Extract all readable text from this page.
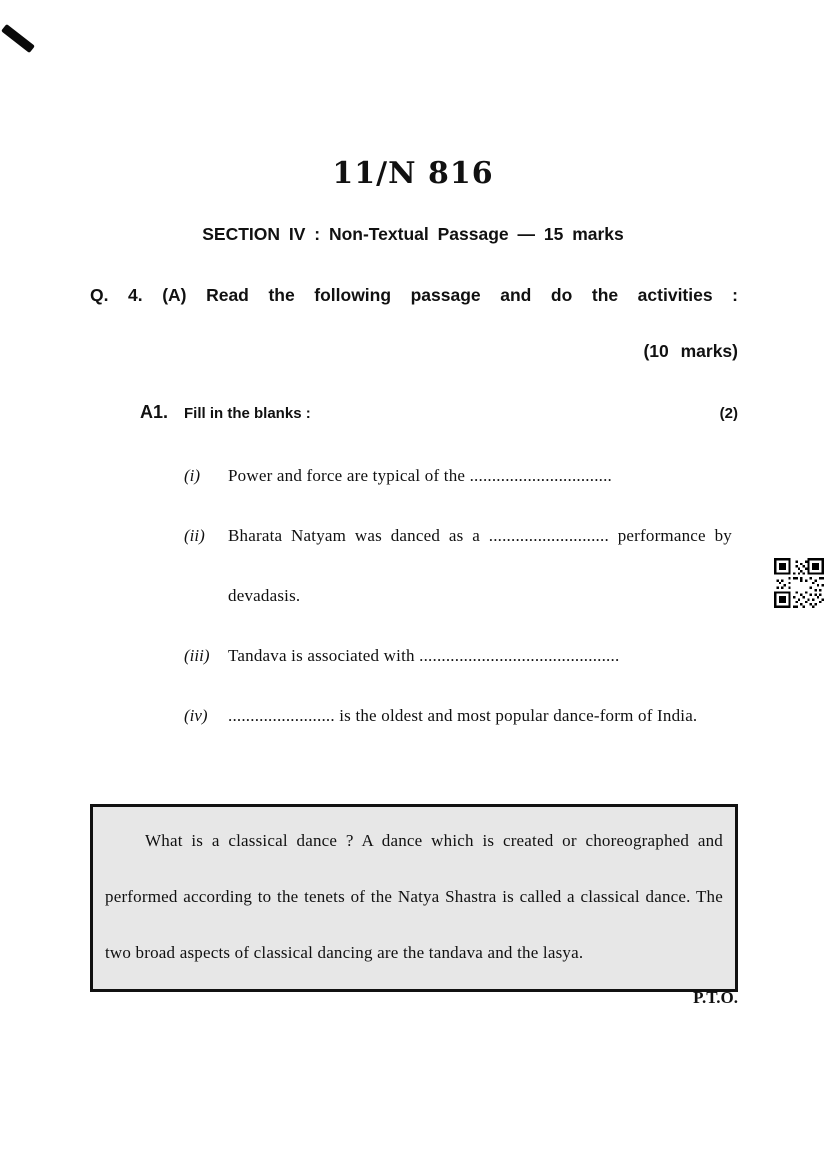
11/N 816
SECTION IV : Non-Textual Passage — 15 marks
Q. 4. (A) Read the following passage and do the activities :
(10 marks)
A1. Fill in the blanks :	(2)
(i)	Power and force are typical of the ................................
(ii)	Bharata Natyam was danced as a ........................... performance by devadasis.
(iii)	Tandava is associated with .............................................
(iv)	........................ is the oldest and most popular dance-form of India.

What is a classical dance ? A dance which is created or choreographed and performed according to the tenets of the Natya Shastra is called a classical dance. The two broad aspects of classical dancing are the tandava and the lasya.

P.T.O.
